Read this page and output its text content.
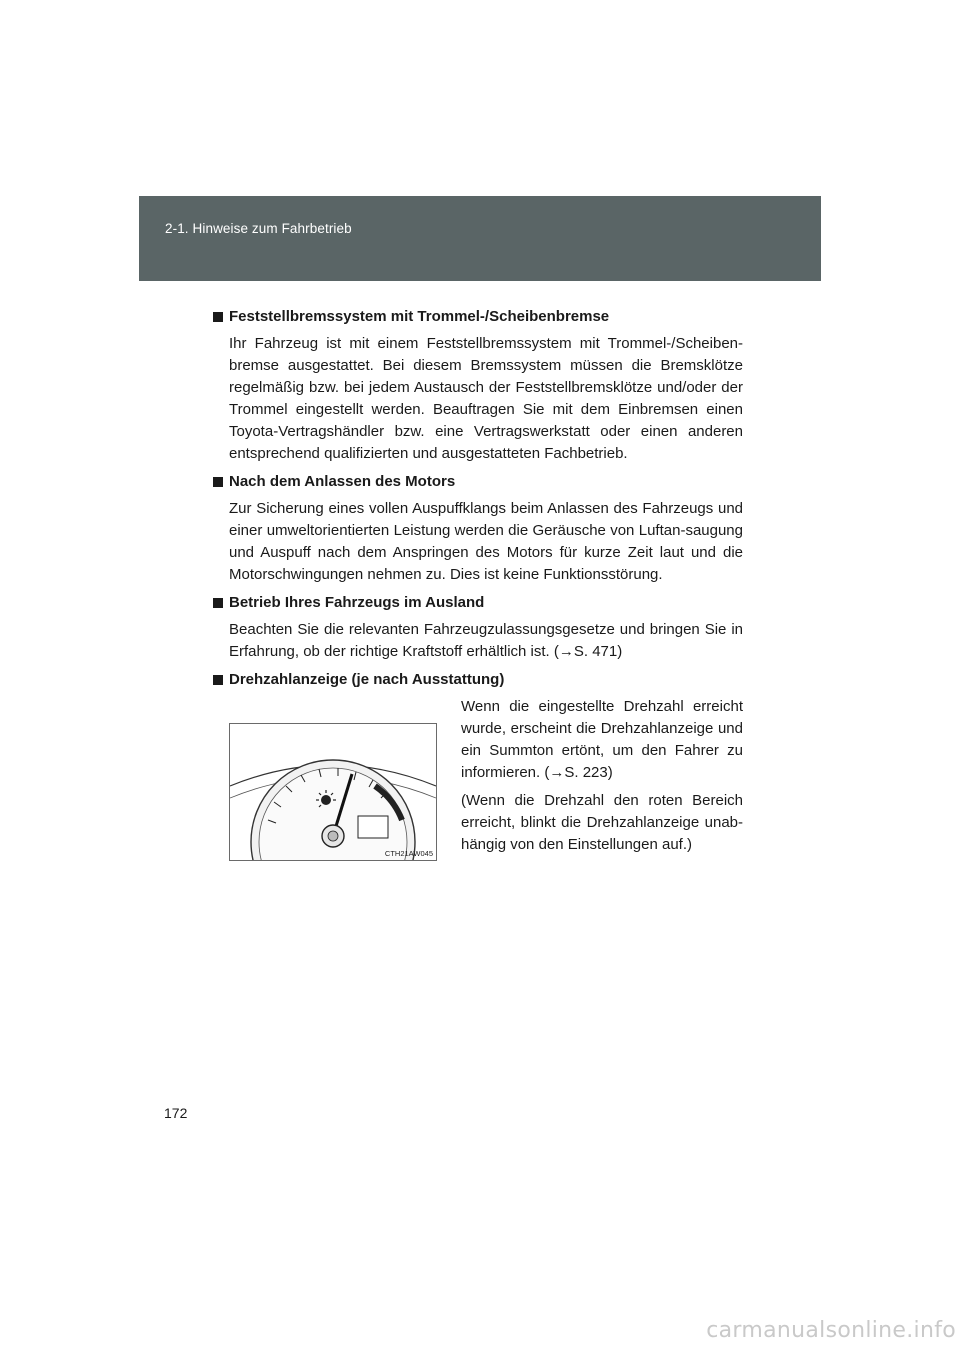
2-1. Hinweise zum Fahrbetrieb
Feststellbremssystem mit Trommel-/Scheibenbremse

Ihr Fahrzeug ist mit einem Feststellbremssystem mit Trommel-/Scheiben-bremse ausgestattet. Bei diesem Bremssystem müssen die Bremsklötze regelmäßig bzw. bei jedem Austausch der Feststellbremsklötze und/oder der Trommel eingestellt werden. Beauftragen Sie mit dem Einbremsen einen Toyota-Vertragshändler bzw. eine Vertragswerkstatt oder einen anderen entsprechend qualifizierten und ausgestatteten Fachbetrieb.

Nach dem Anlassen des Motors

Zur Sicherung eines vollen Auspuffklangs beim Anlassen des Fahrzeugs und einer umweltorientierten Leistung werden die Geräusche von Luftan-saugung und Auspuff nach dem Anspringen des Motors für kurze Zeit laut und die Motorschwingungen nehmen zu. Dies ist keine Funktionsstörung.

Betrieb Ihres Fahrzeugs im Ausland

Beachten Sie die relevanten Fahrzeugzulassungsgesetze und bringen Sie in Erfahrung, ob der richtige Kraftstoff erhältlich ist. (→S. 471)

Drehzahlanzeige (je nach Ausstattung)
CTH21AW045

Wenn die eingestellte Drehzahl erreicht wurde, erscheint die Drehzahlanzeige und ein Summton ertönt, um den Fahrer zu informieren. (→S. 223)

(Wenn die Drehzahl den roten Bereich erreicht, blinkt die Drehzahlanzeige unab-hängig von den Einstellungen auf.)

172
carmanualsonline.info
